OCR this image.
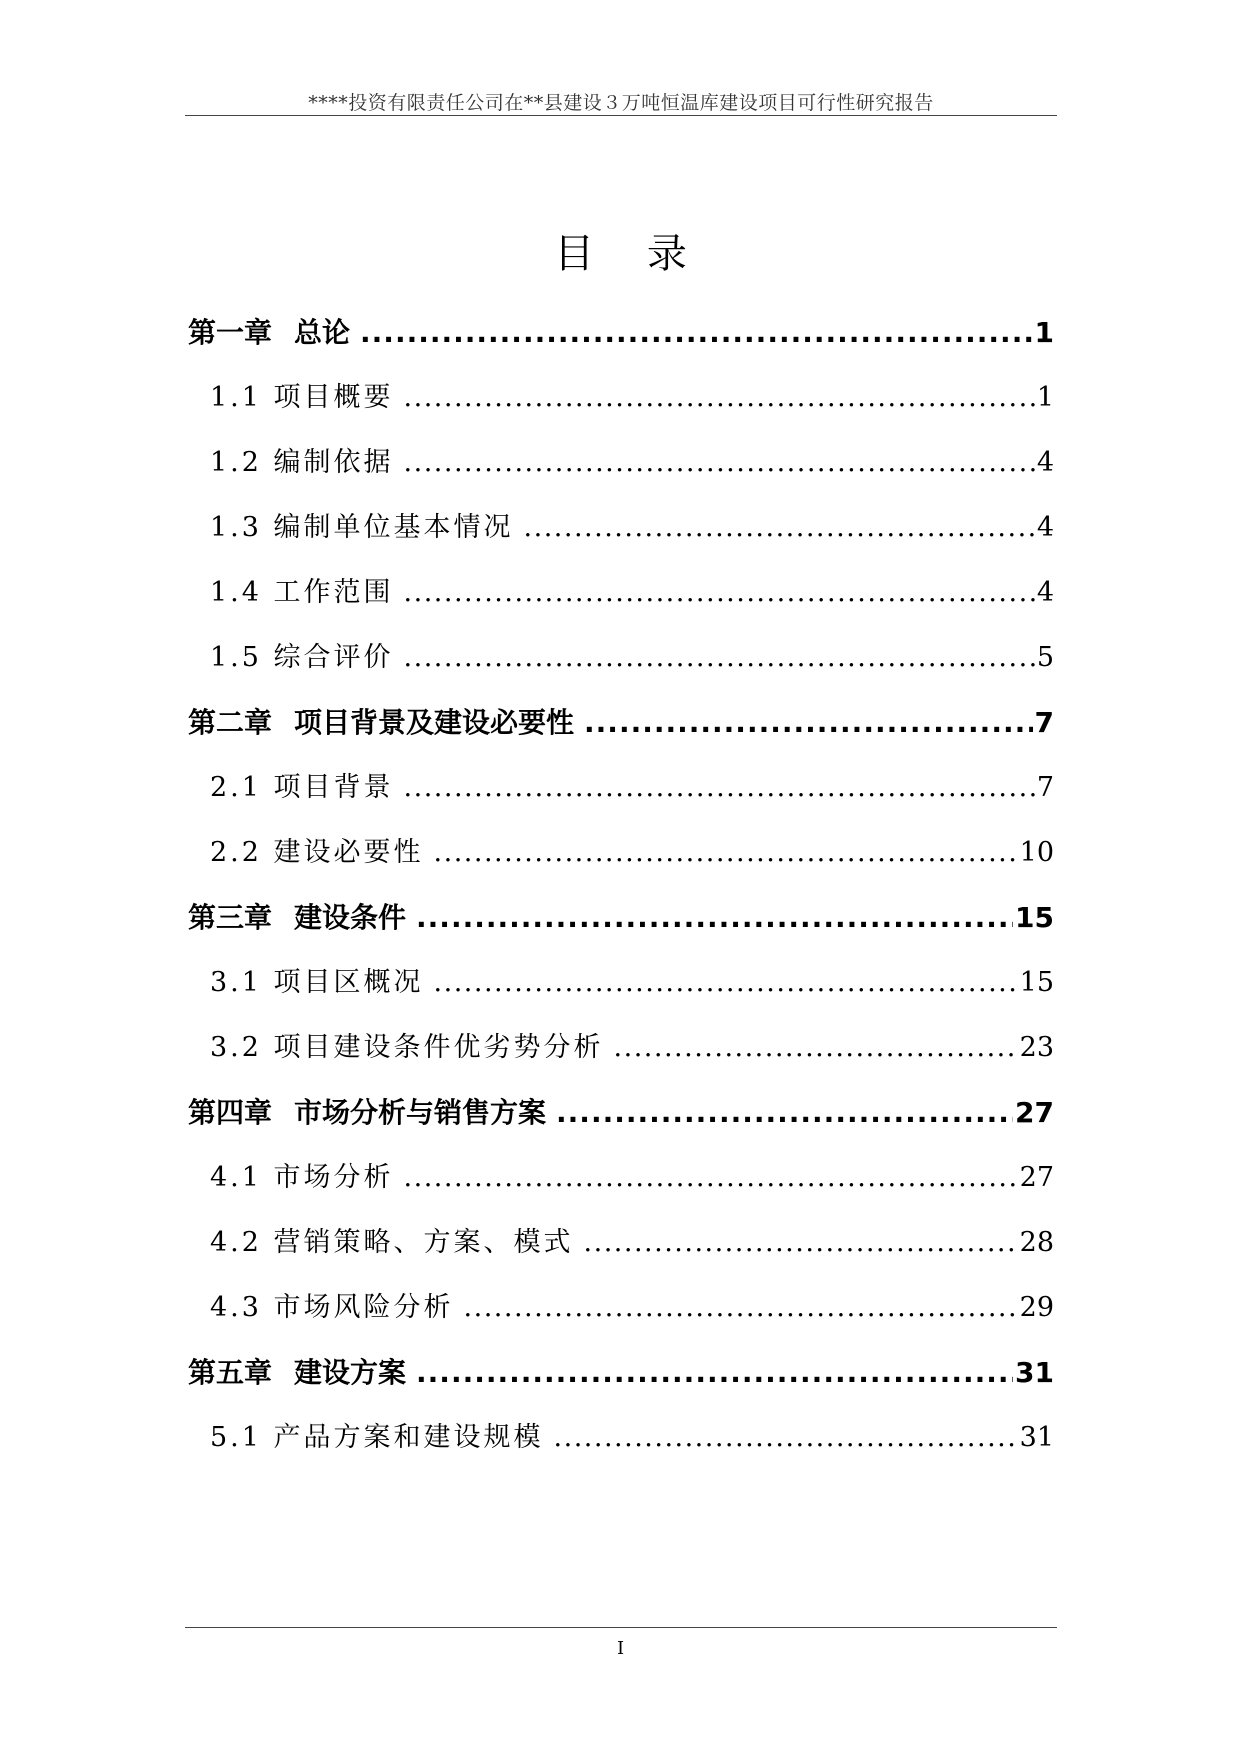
****投资有限责任公司在**县建设３万吨恒温库建设项目可行性研究报告
目 录
第一章 总论 .....	1
1.1 项目概要 .....	1
1.2 编制依据 .....	4
1.3 编制单位基本情况 .....	4
1.4 工作范围 .....	4
1.5 综合评价 .....	5
第二章 项目背景及建设必要性 .....	7
2.1 项目背景 .....	7
2.2 建设必要性 .....	10
第三章 建设条件 .....	15
3.1 项目区概况 .....	15
3.2 项目建设条件优劣势分析 .....	23
第四章 市场分析与销售方案 .....	27
4.1 市场分析 .....	27
4.2 营销策略、方案、模式 .....	28
4.3 市场风险分析 .....	29
第五章 建设方案 .....	31
5.1 产品方案和建设规模 .....	31
I
